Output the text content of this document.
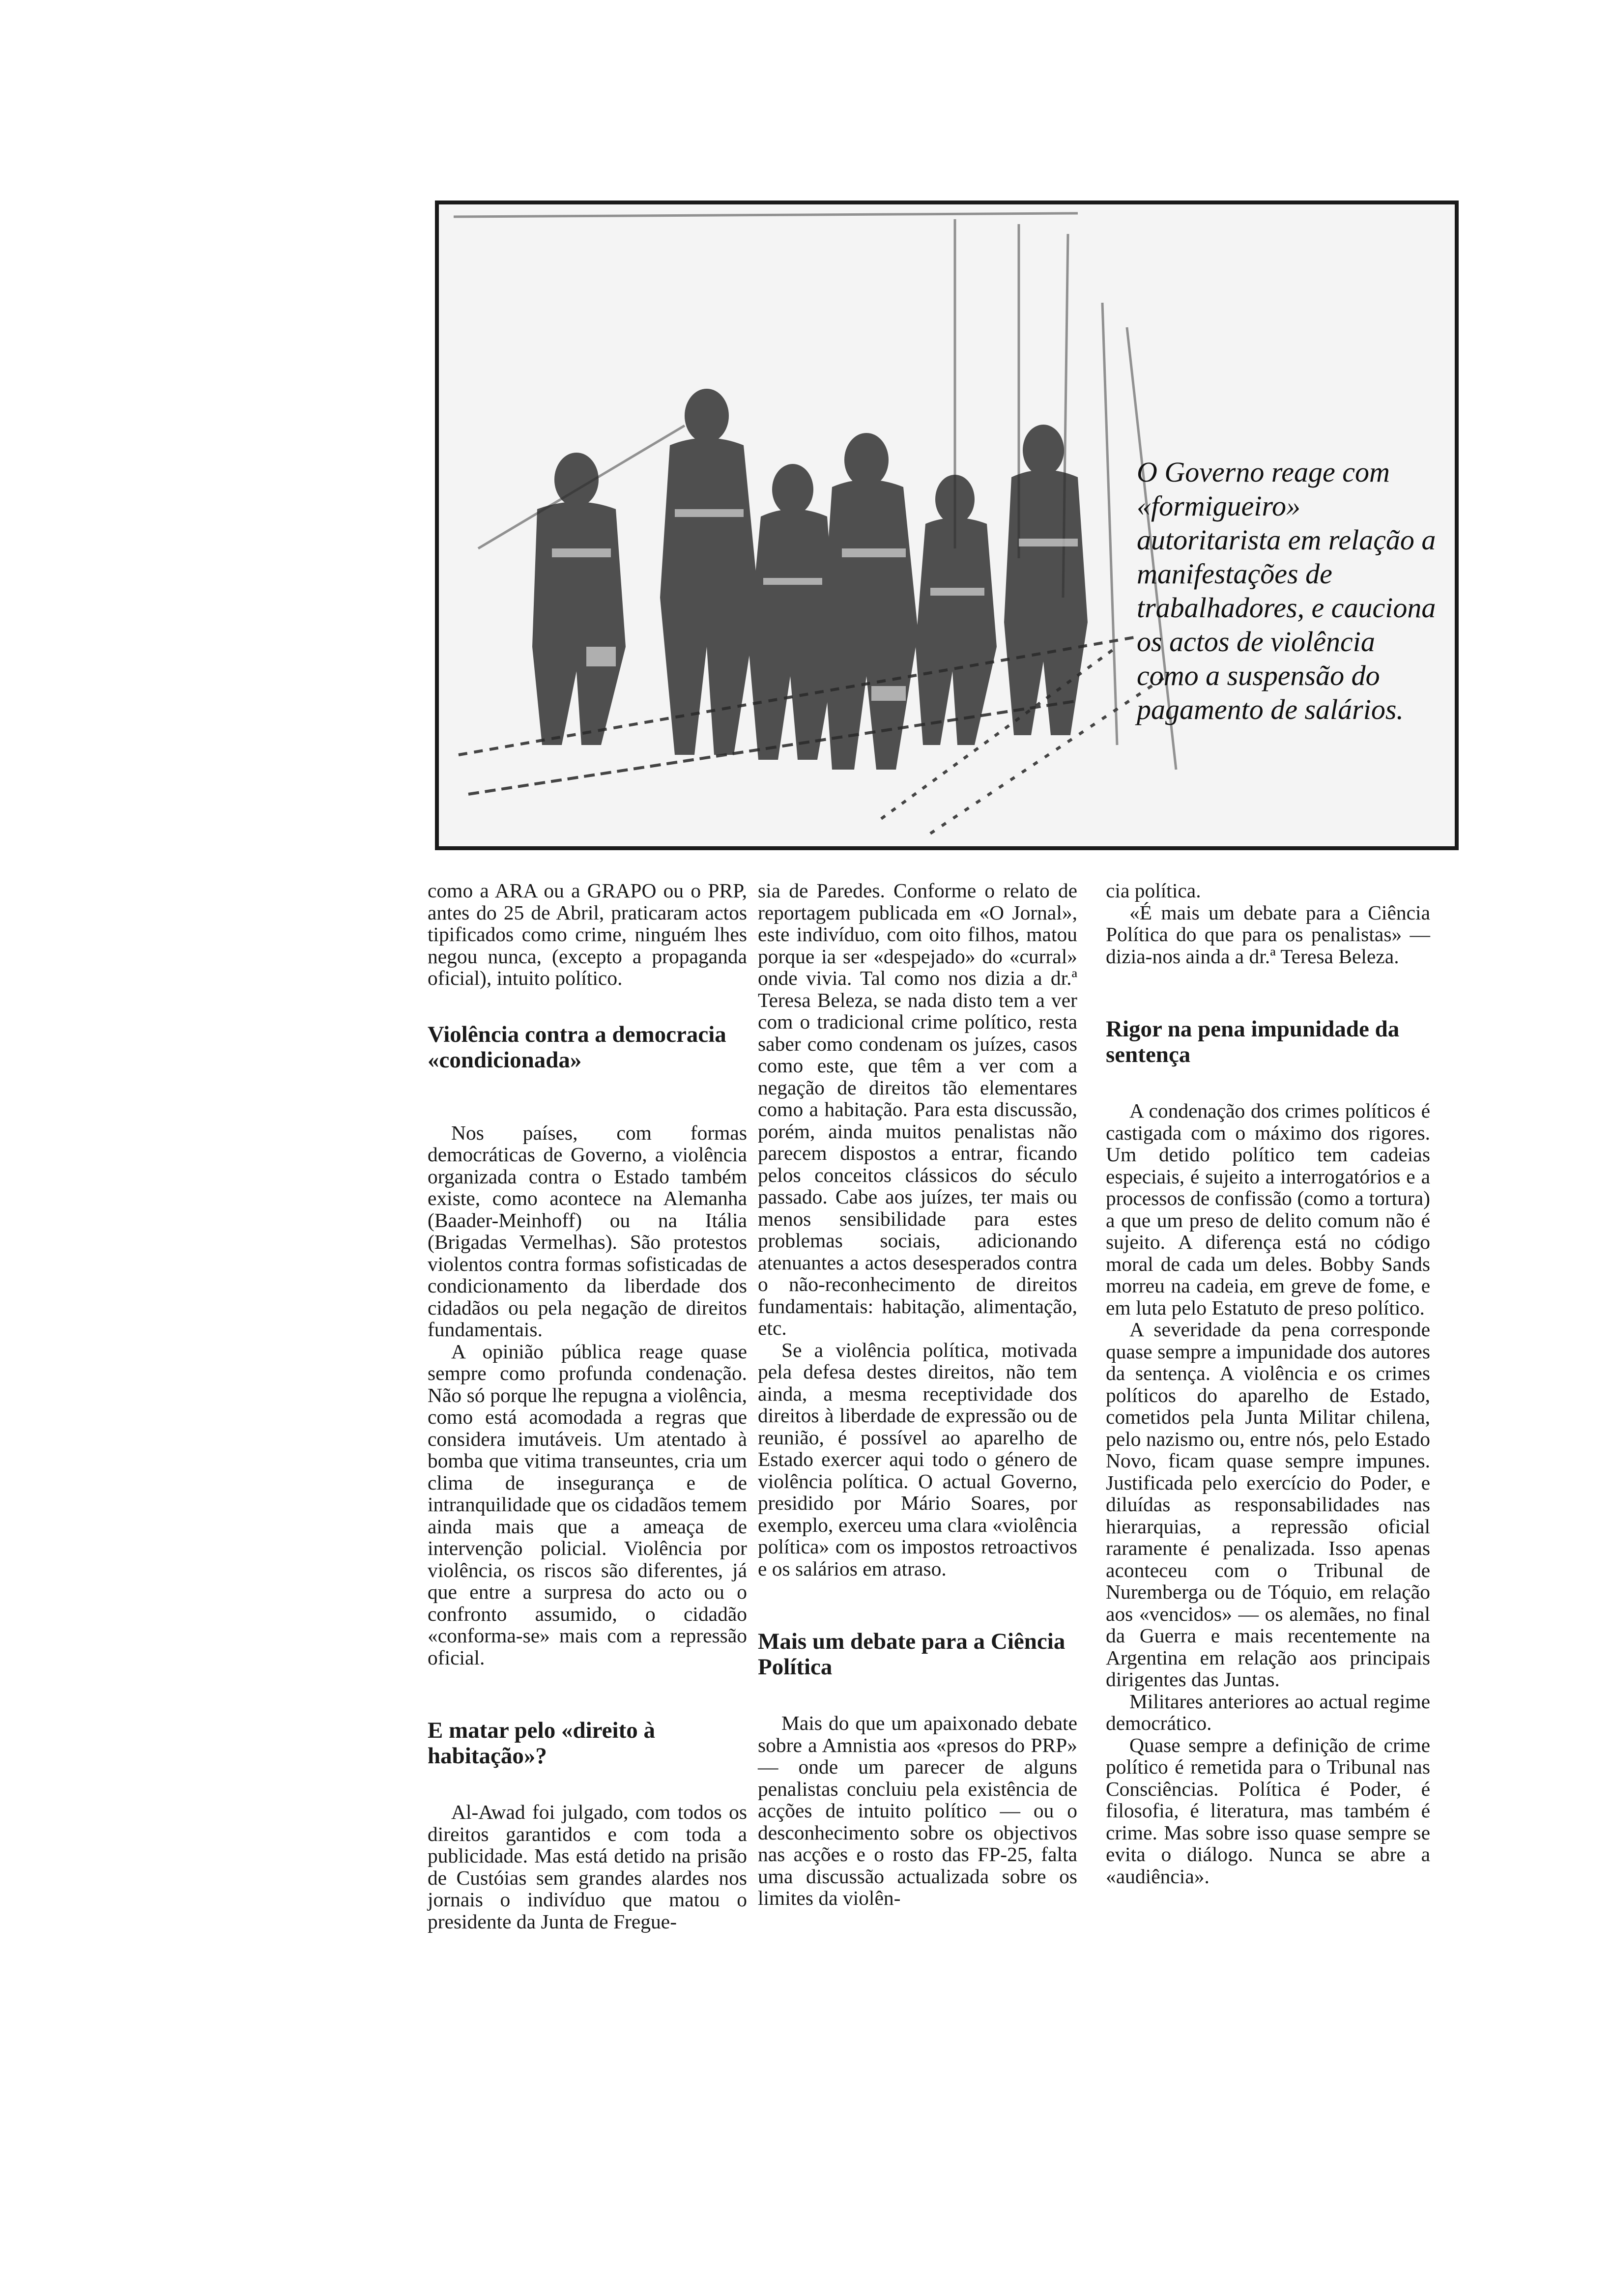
O Governo reage com «formigueiro» autoritarista em relação a manifestações de trabalhadores, e cauciona os actos de violência como a suspensão do pagamento de salários.

como a ARA ou a GRAPO ou o PRP, antes do 25 de Abril, praticaram actos tipificados como crime, ninguém lhes negou nunca, (excepto a propaganda oficial), intuito político.

Violência contra a democracia «condicionada»

Nos países, com formas democráticas de Governo, a violência organizada contra o Estado também existe, como acontece na Alemanha (Baader-Meinhoff) ou na Itália (Brigadas Vermelhas). São protestos violentos contra formas sofisticadas de condicionamento da liberdade dos cidadãos ou pela negação de direitos fundamentais.

A opinião pública reage quase sempre como profunda condenação. Não só porque lhe repugna a violência, como está acomodada a regras que considera imutáveis. Um atentado à bomba que vitima transeuntes, cria um clima de insegurança e de intranquilidade que os cidadãos temem ainda mais que a ameaça de intervenção policial. Violência por violência, os riscos são diferentes, já que entre a surpresa do acto ou o confronto assumido, o cidadão «conforma-se» mais com a repressão oficial.

E matar pelo «direito à habitação»?

Al-Awad foi julgado, com todos os direitos garantidos e com toda a publicidade. Mas está detido na prisão de Custóias sem grandes alardes nos jornais o indivíduo que matou o presidente da Junta de Fregue-

sia de Paredes. Conforme o relato de reportagem publicada em «O Jornal», este indivíduo, com oito filhos, matou porque ia ser «despejado» do «curral» onde vivia. Tal como nos dizia a dr.ª Teresa Beleza, se nada disto tem a ver com o tradicional crime político, resta saber como condenam os juízes, casos como este, que têm a ver com a negação de direitos tão elementares como a habitação. Para esta discussão, porém, ainda muitos penalistas não parecem dispostos a entrar, ficando pelos conceitos clássicos do século passado. Cabe aos juízes, ter mais ou menos sensibilidade para estes problemas sociais, adicionando atenuantes a actos desesperados contra o não-reconhecimento de direitos fundamentais: habitação, alimentação, etc.

Se a violência política, motivada pela defesa destes direitos, não tem ainda, a mesma receptividade dos direitos à liberdade de expressão ou de reunião, é possível ao aparelho de Estado exercer aqui todo o género de violência política. O actual Governo, presidido por Mário Soares, por exemplo, exerceu uma clara «violência política» com os impostos retroactivos e os salários em atraso.

Mais um debate para a Ciência Política

Mais do que um apaixonado debate sobre a Amnistia aos «presos do PRP» — onde um parecer de alguns penalistas concluiu pela existência de acções de intuito político — ou o desconhecimento sobre os objectivos nas acções e o rosto das FP-25, falta uma discussão actualizada sobre os limites da violên-

cia política.

«É mais um debate para a Ciência Política do que para os penalistas» — dizia-nos ainda a dr.ª Teresa Beleza.

Rigor na pena impunidade da sentença

A condenação dos crimes políticos é castigada com o máximo dos rigores. Um detido político tem cadeias especiais, é sujeito a interrogatórios e a processos de confissão (como a tortura) a que um preso de delito comum não é sujeito. A diferença está no código moral de cada um deles. Bobby Sands morreu na cadeia, em greve de fome, e em luta pelo Estatuto de preso político.

A severidade da pena corresponde quase sempre a impunidade dos autores da sentença. A violência e os crimes políticos do aparelho de Estado, cometidos pela Junta Militar chilena, pelo nazismo ou, entre nós, pelo Estado Novo, ficam quase sempre impunes. Justificada pelo exercício do Poder, e diluídas as responsabilidades nas hierarquias, a repressão oficial raramente é penalizada. Isso apenas aconteceu com o Tribunal de Nuremberga ou de Tóquio, em relação aos «vencidos» — os alemães, no final da Guerra e mais recentemente na Argentina em relação aos principais dirigentes das Juntas.

Militares anteriores ao actual regime democrático.

Quase sempre a definição de crime político é remetida para o Tribunal nas Consciências. Política é Poder, é filosofia, é literatura, mas também é crime. Mas sobre isso quase sempre se evita o diálogo. Nunca se abre a «audiência».
